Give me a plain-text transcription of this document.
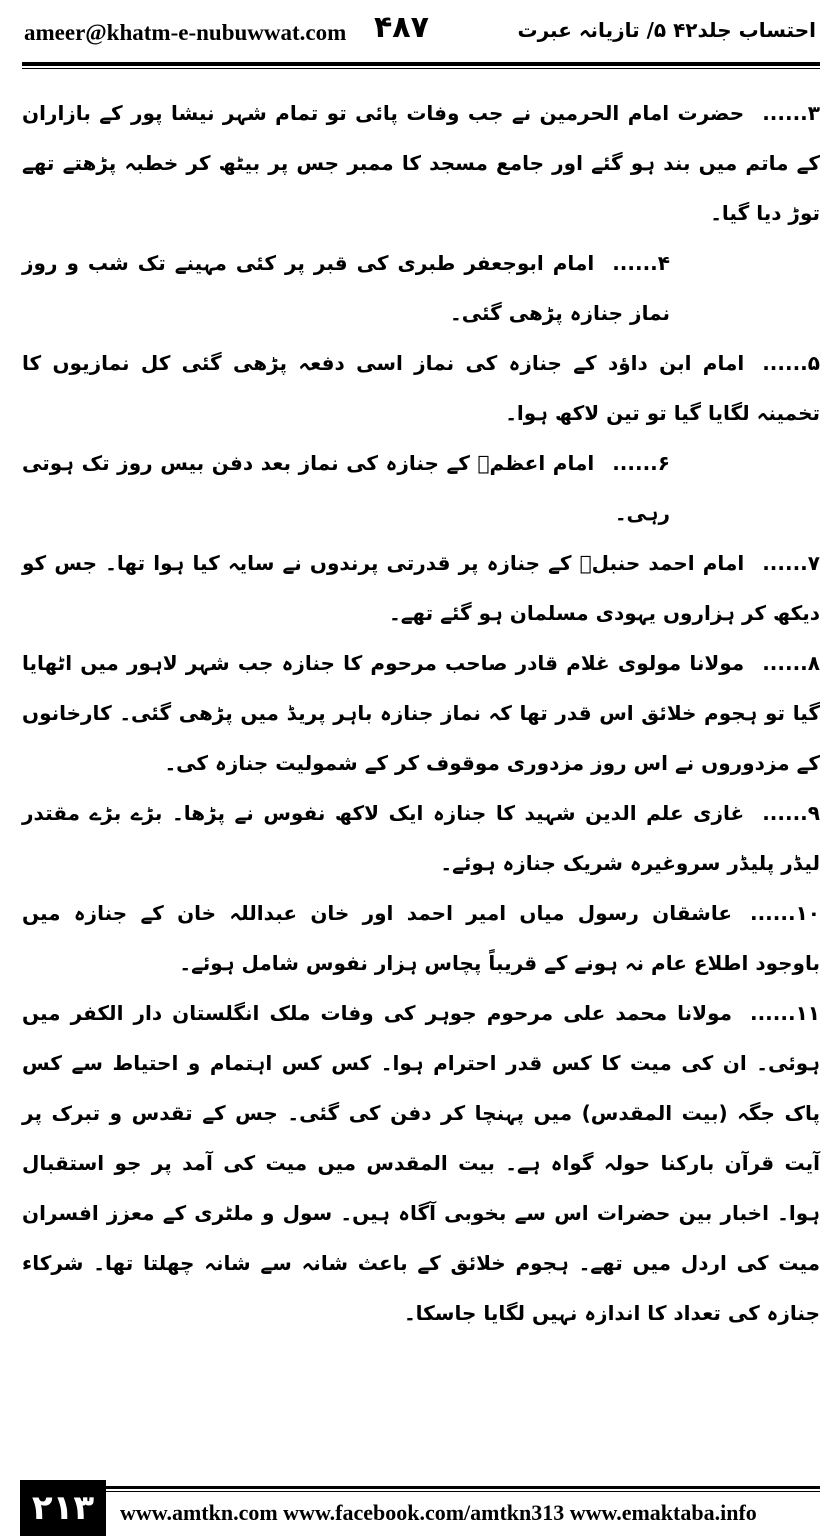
ameer@khatm-e-nubuwwat.com ۴۸۷	احتساب جلد۴۲ ۵/ تازیانہ عبرت

۳......حضرت امام الحرمین نے جب وفات پائی تو تمام شہر نیشا پور کے بازاران کے ماتم میں بند ہو گئے اور جامع مسجد کا ممبر جس پر بیٹھ کر خطبہ پڑھتے تھے توڑ دیا گیا۔

۴......امام ابوجعفر طبری کی قبر پر کئی مہینے تک شب و روز نماز جنازہ پڑھی گئی۔

۵......امام ابن داؤد کے جنازہ کی نماز اسی دفعہ پڑھی گئی کل نمازیوں کا تخمینہ لگایا گیا تو تین لاکھ ہوا۔

۶......امام اعظمؒ کے جنازہ کی نماز بعد دفن بیس روز تک ہوتی رہی۔

۷......امام احمد حنبلؒ کے جنازہ پر قدرتی پرندوں نے سایہ کیا ہوا تھا۔ جس کو دیکھ کر ہزاروں یہودی مسلمان ہو گئے تھے۔

۸......مولانا مولوی غلام قادر صاحب مرحوم کا جنازہ جب شہر لاہور میں اٹھایا گیا تو ہجوم خلائق اس قدر تھا کہ نماز جنازہ باہر پریڈ میں پڑھی گئی۔ کارخانوں کے مزدوروں نے اس روز مزدوری موقوف کر کے شمولیت جنازہ کی۔

۹......غازی علم الدین شہید کا جنازہ ایک لاکھ نفوس نے پڑھا۔ بڑے بڑے مقتدر لیڈر پلیڈر سروغیرہ شریک جنازہ ہوئے۔

۱۰......عاشقان رسول میاں امیر احمد اور خان عبداللہ خان کے جنازہ میں باوجود اطلاع عام نہ ہونے کے قریباً پچاس ہزار نفوس شامل ہوئے۔

۱۱......مولانا محمد علی مرحوم جوہر کی وفات ملک انگلستان دار الکفر میں ہوئی۔ ان کی میت کا کس قدر احترام ہوا۔ کس کس اہتمام و احتیاط سے کس پاک جگہ (بیت المقدس) میں پہنچا کر دفن کی گئی۔ جس کے تقدس و تبرک پر آیت قرآن بارکنا حولہ گواہ ہے۔ بیت المقدس میں میت کی آمد پر جو استقبال ہوا۔ اخبار بین حضرات اس سے بخوبی آگاہ ہیں۔ سول و ملٹری کے معزز افسران میت کی اردل میں تھے۔ ہجوم خلائق کے باعث شانہ سے شانہ چھلتا تھا۔ شرکاء جنازہ کی تعداد کا اندازہ نہیں لگایا جاسکا۔

۲۱۳	www.amtkn.com www.facebook.com/amtkn313 www.emaktaba.info
